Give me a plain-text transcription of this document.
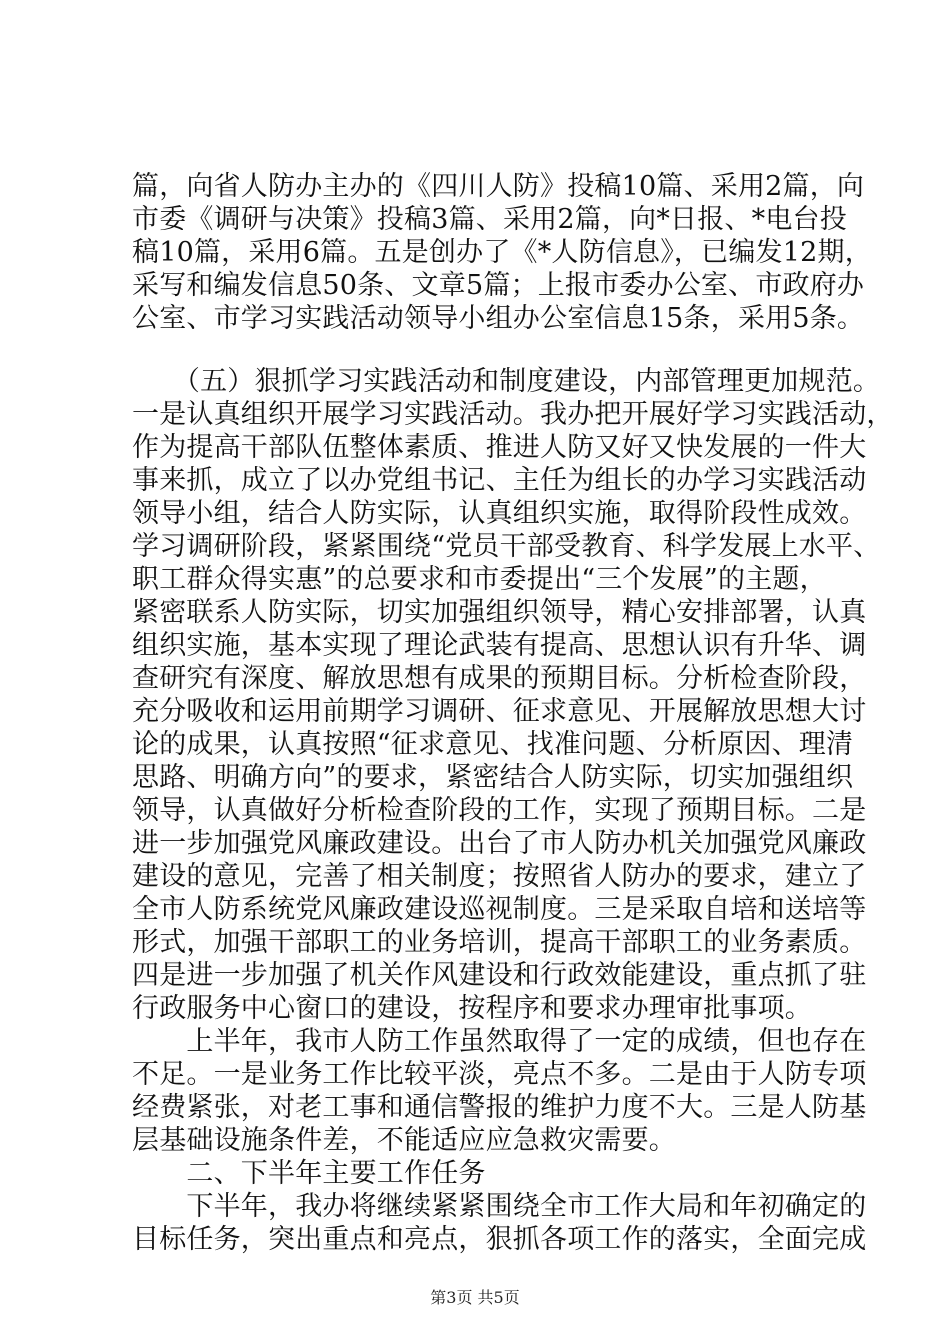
篇，向省人防办主办的《四川人防》投稿10篇、采用2篇，向
市委《调研与决策》投稿3篇、采用2篇，向*日报、*电台投
稿10篇，采用6篇。五是创办了《*人防信息》，已编发12期，
采写和编发信息50条、文章5篇；上报市委办公室、市政府办
公室、市学习实践活动领导小组办公室信息15条，采用5条。
　　（五）狠抓学习实践活动和制度建设，内部管理更加规范。
一是认真组织开展学习实践活动。我办把开展好学习实践活动，
作为提高干部队伍整体素质、推进人防又好又快发展的一件大
事来抓，成立了以办党组书记、主任为组长的办学习实践活动
领导小组，结合人防实际，认真组织实施，取得阶段性成效。
学习调研阶段，紧紧围绕“党员干部受教育、科学发展上水平、
职工群众得实惠”的总要求和市委提出“三个发展”的主题，
紧密联系人防实际，切实加强组织领导，精心安排部署，认真
组织实施，基本实现了理论武装有提高、思想认识有升华、调
查研究有深度、解放思想有成果的预期目标。分析检查阶段，
充分吸收和运用前期学习调研、征求意见、开展解放思想大讨
论的成果，认真按照“征求意见、找准问题、分析原因、理清
思路、明确方向”的要求，紧密结合人防实际，切实加强组织
领导，认真做好分析检查阶段的工作，实现了预期目标。二是
进一步加强党风廉政建设。出台了市人防办机关加强党风廉政
建设的意见，完善了相关制度；按照省人防办的要求，建立了
全市人防系统党风廉政建设巡视制度。三是采取自培和送培等
形式，加强干部职工的业务培训，提高干部职工的业务素质。
四是进一步加强了机关作风建设和行政效能建设，重点抓了驻
行政服务中心窗口的建设，按程序和要求办理审批事项。
　　上半年，我市人防工作虽然取得了一定的成绩，但也存在
不足。一是业务工作比较平淡，亮点不多。二是由于人防专项
经费紧张，对老工事和通信警报的维护力度不大。三是人防基
层基础设施条件差，不能适应应急救灾需要。
　　二、下半年主要工作任务
　　下半年，我办将继续紧紧围绕全市工作大局和年初确定的
目标任务，突出重点和亮点，狠抓各项工作的落实，全面完成
第3页 共5页
